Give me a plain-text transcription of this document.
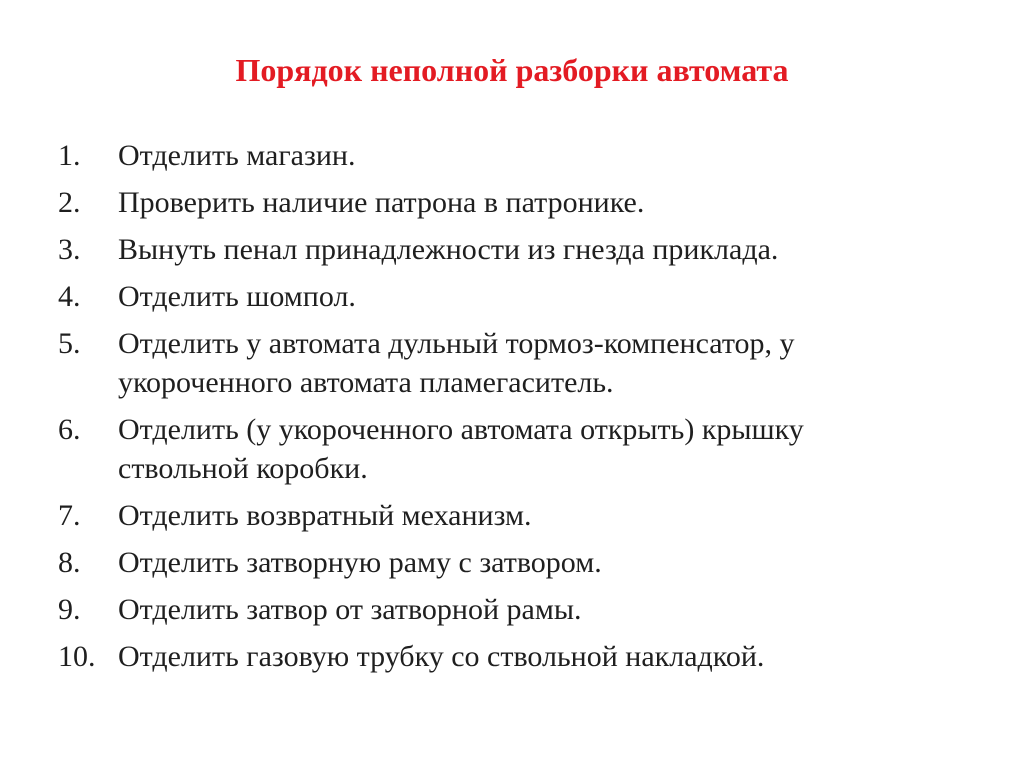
Порядок неполной разборки автомата
1.	Отделить магазин.
2.	Проверить наличие патрона в патронике.
3.	Вынуть пенал принадлежности из гнезда приклада.
4.	Отделить шомпол.
5.	Отделить у автомата дульный тормоз-компенсатор, у укороченного автомата пламегаситель.
6.	Отделить (у укороченного автомата открыть) крышку ствольной коробки.
7.	Отделить возвратный механизм.
8.	Отделить затворную раму с затвором.
9.	Отделить затвор от затворной рамы.
10. Отделить газовую трубку со ствольной накладкой.
